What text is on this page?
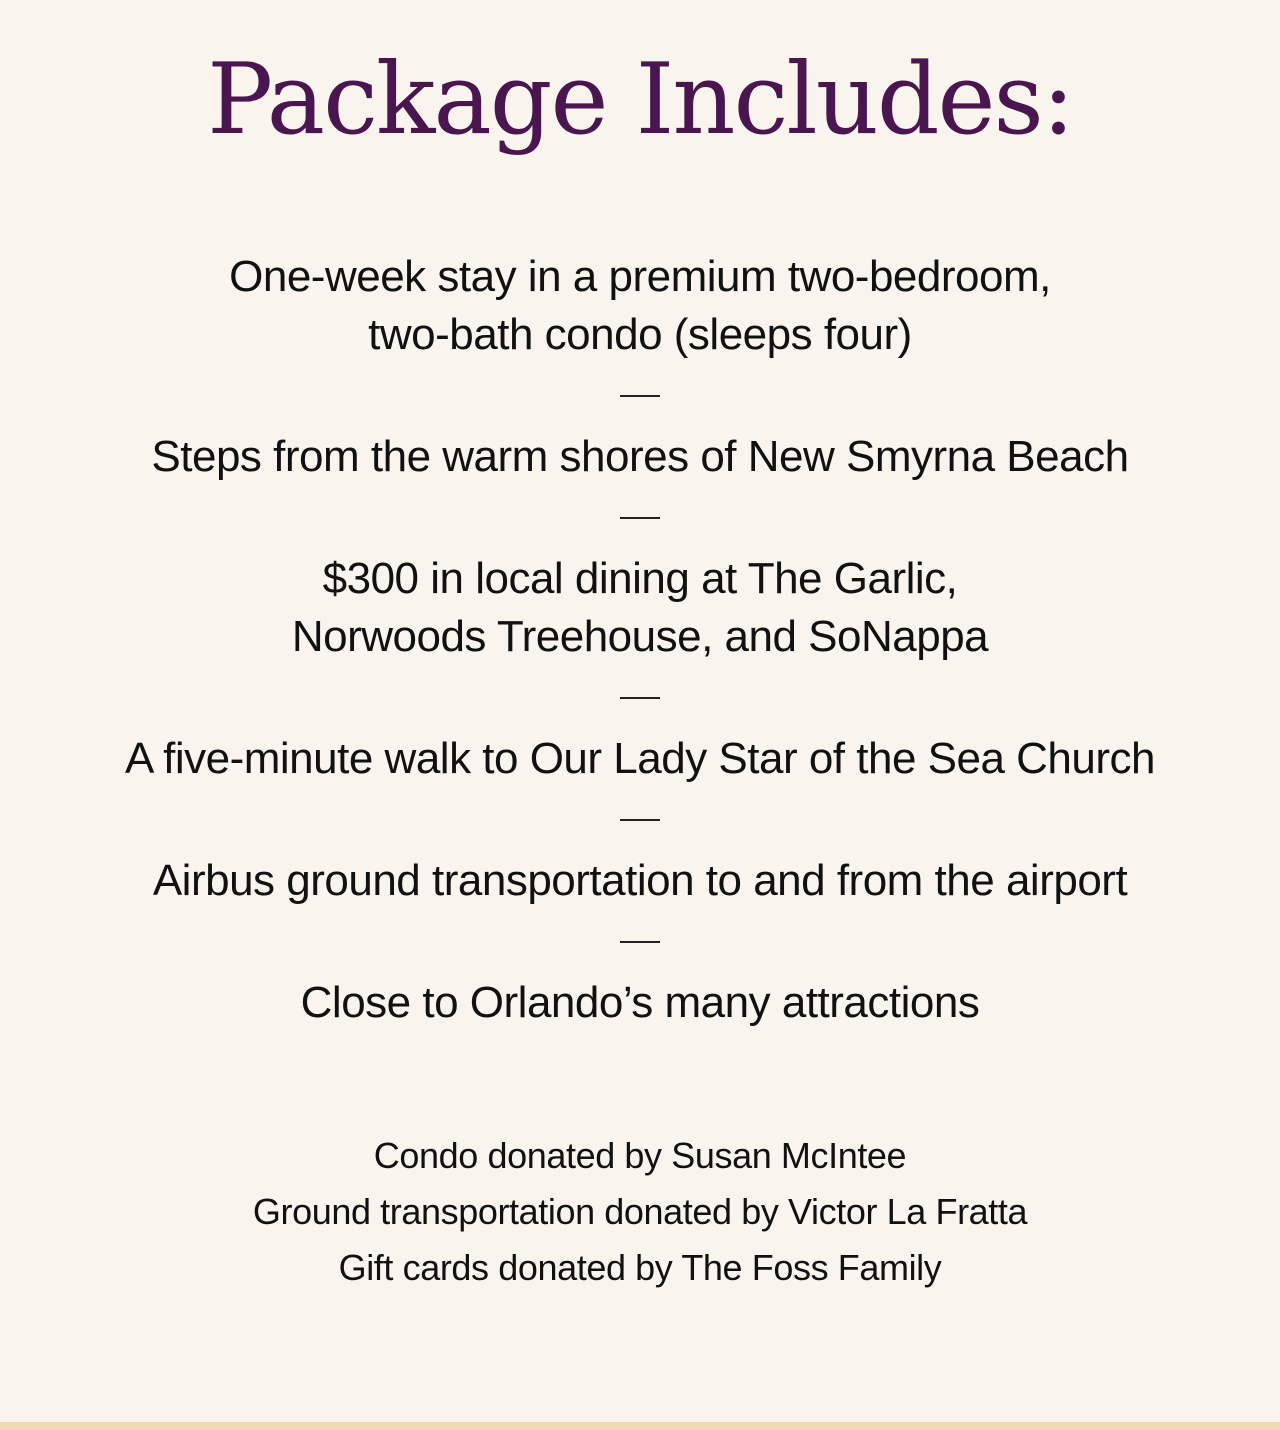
Package Includes:
One-week stay in a premium two-bedroom,
two-bath condo (sleeps four)
Steps from the warm shores of New Smyrna Beach
$300 in local dining at The Garlic,
Norwoods Treehouse, and SoNappa
A five-minute walk to Our Lady Star of the Sea Church
Airbus ground transportation to and from the airport
Close to Orlando’s many attractions
Condo donated by Susan McIntee
Ground transportation donated by Victor La Fratta
Gift cards donated by The Foss Family
